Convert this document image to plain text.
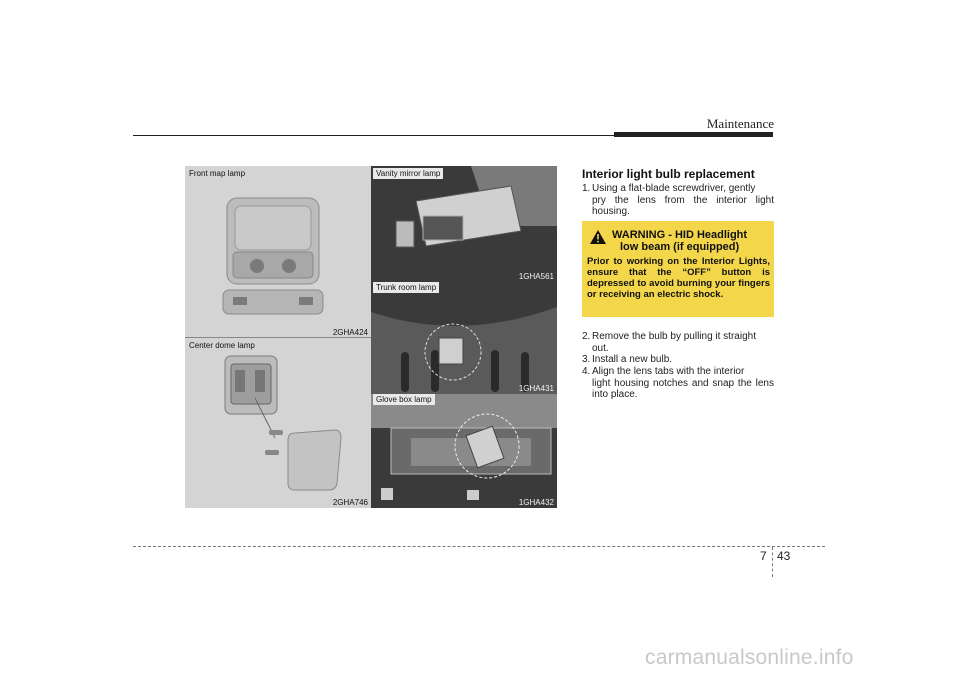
Maintenance
Front map lamp
2GHA424
Center dome lamp
2GHA746
Vanity mirror lamp
1GHA561
Trunk room lamp
1GHA431
Glove box lamp
1GHA432
Interior light bulb replacement
1. Using a flat-blade screwdriver, gently
pry the lens from the interior light housing.
WARNING - HID Headlight
low beam (if equipped)
Prior to working on the Interior Lights, ensure that the “OFF” button is depressed to avoid burning your fingers or receiving an electric shock.
2. Remove the bulb by pulling it straight
out.
3. Install a new bulb.
4. Align the lens tabs with the interior
light housing notches and snap the lens into place.
7 43
carmanualsonline.info
